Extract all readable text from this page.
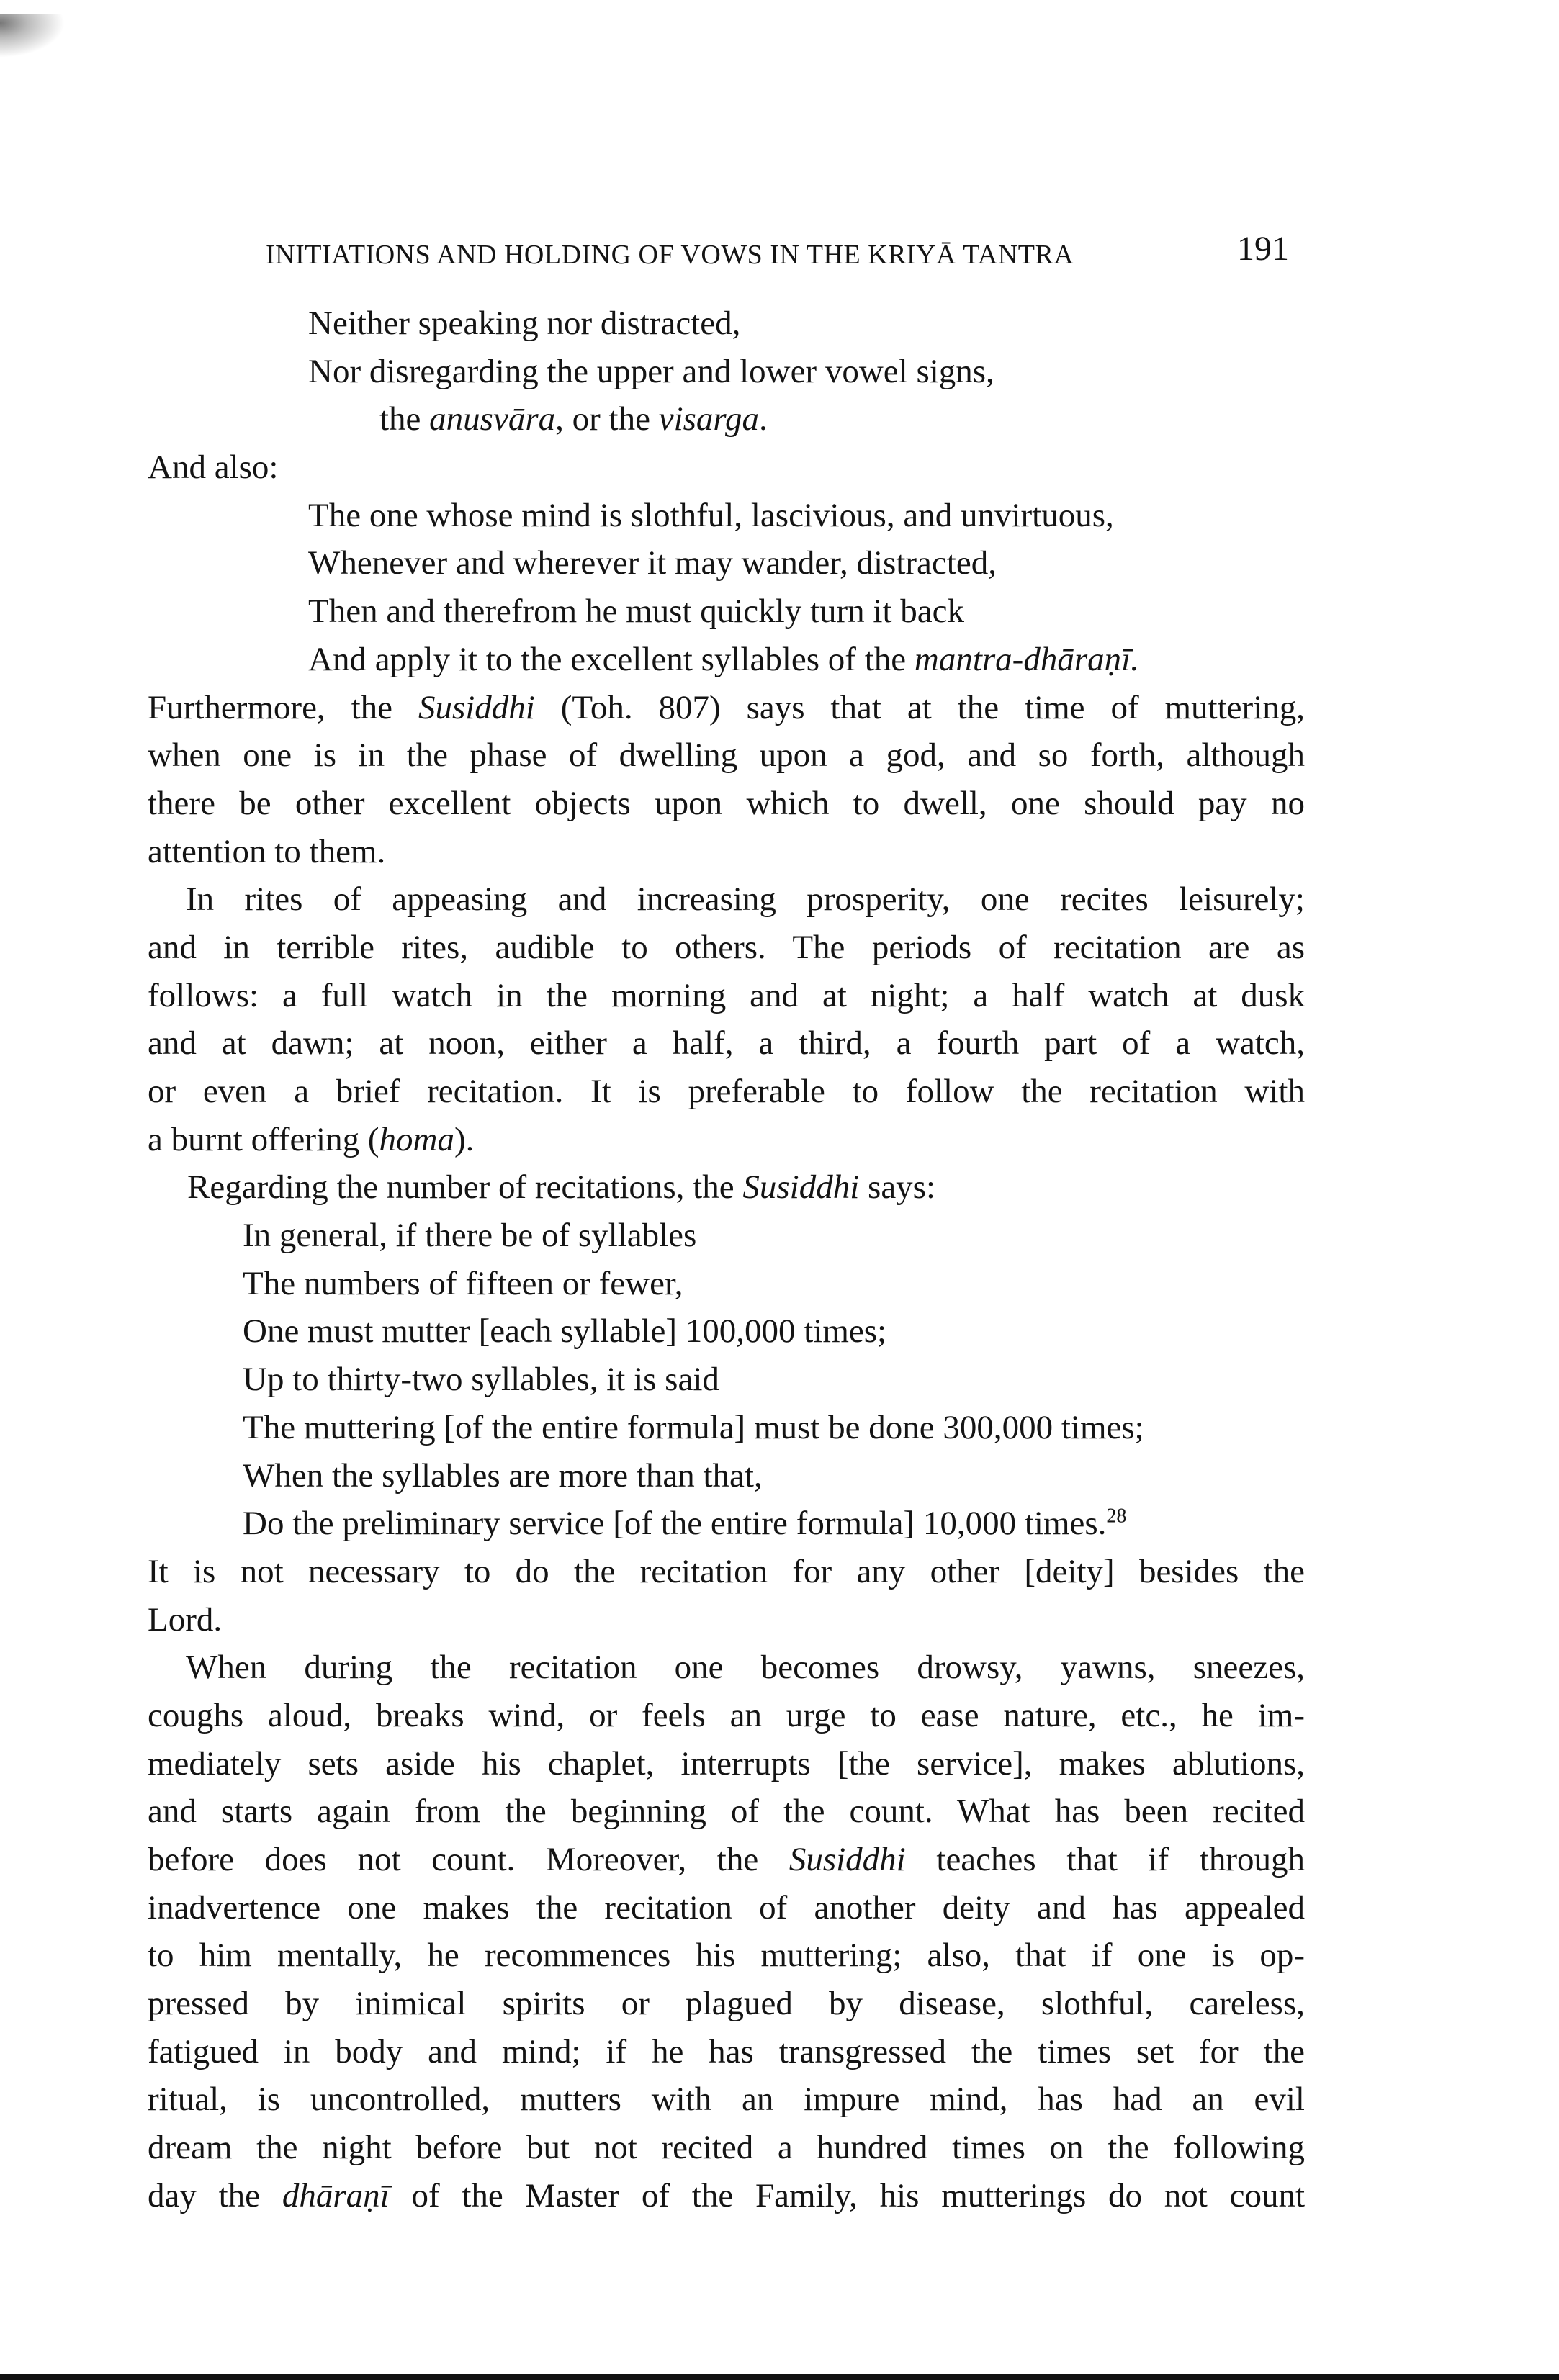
INITIATIONS AND HOLDING OF VOWS IN THE KRIYĀ TANTRA	191
Neither speaking nor distracted,
Nor disregarding the upper and lower vowel signs,
the anusvāra, or the visarga.
And also:
The one whose mind is slothful, lascivious, and unvirtuous,
Whenever and wherever it may wander, distracted,
Then and therefrom he must quickly turn it back
And apply it to the excellent syllables of the mantra-dhāraṇī.
Furthermore, the Susiddhi (Toh. 807) says that at the time of muttering,
when one is in the phase of dwelling upon a god, and so forth, although
there be other excellent objects upon which to dwell, one should pay no
attention to them.
In rites of appeasing and increasing prosperity, one recites leisurely;
and in terrible rites, audible to others. The periods of recitation are as
follows: a full watch in the morning and at night; a half watch at dusk
and at dawn; at noon, either a half, a third, a fourth part of a watch,
or even a brief recitation. It is preferable to follow the recitation with
a burnt offering (homa).
Regarding the number of recitations, the Susiddhi says:
In general, if there be of syllables
The numbers of fifteen or fewer,
One must mutter [each syllable] 100,000 times;
Up to thirty-two syllables, it is said
The muttering [of the entire formula] must be done 300,000 times;
When the syllables are more than that,
Do the preliminary service [of the entire formula] 10,000 times.$^{28}$
It is not necessary to do the recitation for any other [deity] besides the
Lord.
When during the recitation one becomes drowsy, yawns, sneezes,
coughs aloud, breaks wind, or feels an urge to ease nature, etc., he im-
mediately sets aside his chaplet, interrupts [the service], makes ablutions,
and starts again from the beginning of the count. What has been recited
before does not count. Moreover, the Susiddhi teaches that if through
inadvertence one makes the recitation of another deity and has appealed
to him mentally, he recommences his muttering; also, that if one is op-
pressed by inimical spirits or plagued by disease, slothful, careless,
fatigued in body and mind; if he has transgressed the times set for the
ritual, is uncontrolled, mutters with an impure mind, has had an evil
dream the night before but not recited a hundred times on the following
day the dhāraṇī of the Master of the Family, his mutterings do not count
